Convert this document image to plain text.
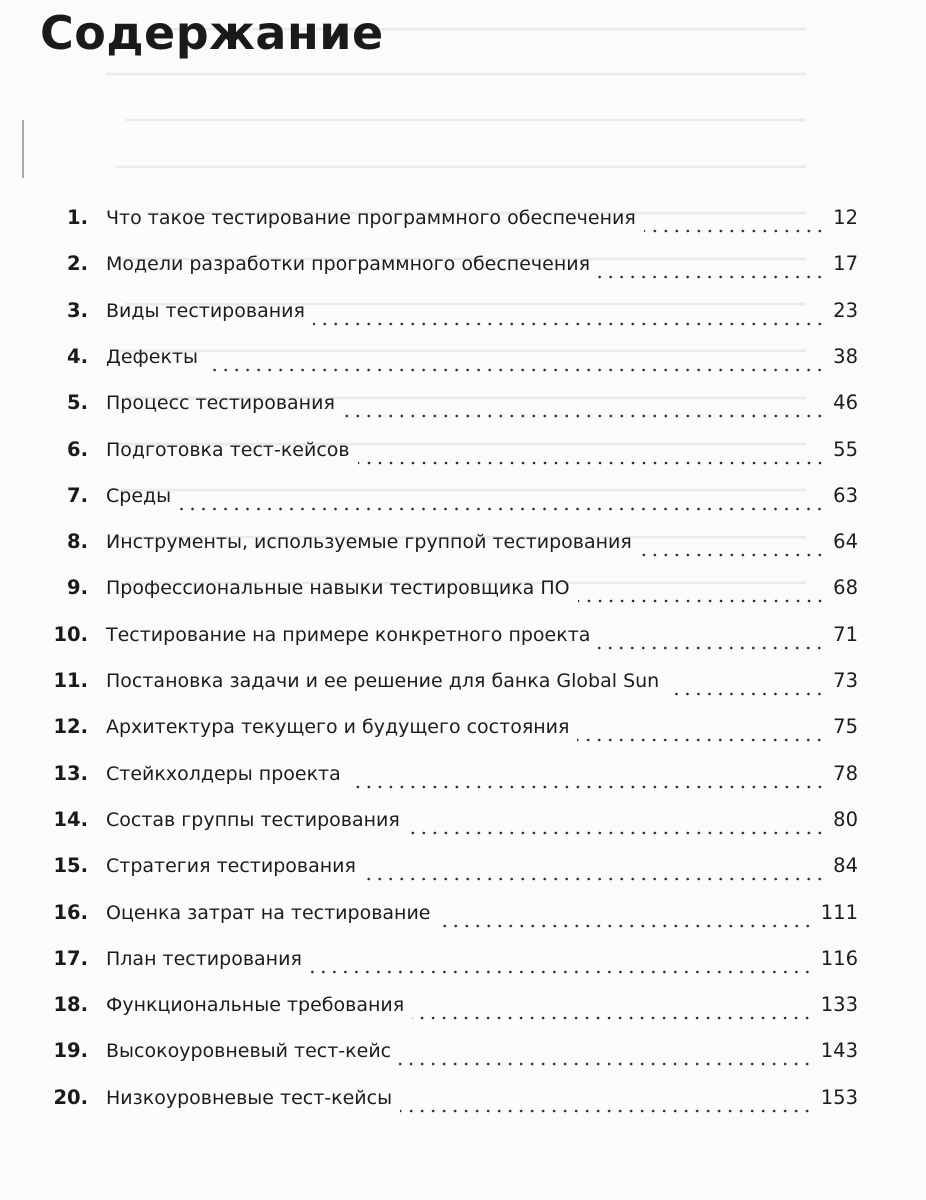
Содержание
1. Что такое тестирование программного обеспечения	12
2. Модели разработки программного обеспечения	17
3. Виды тестирования	23
4. Дефекты	38
5. Процесс тестирования	46
6. Подготовка тест-кейсов	55
7. Среды	63
8. Инструменты, используемые группой тестирования	64
9. Профессиональные навыки тестировщика ПО	68
10. Тестирование на примере конкретного проекта	71
11. Постановка задачи и ее решение для банка Global Sun	73
12. Архитектура текущего и будущего состояния	75
13. Стейкхолдеры проекта	78
14. Состав группы тестирования	80
15. Стратегия тестирования	84
16. Оценка затрат на тестирование	111
17. План тестирования	116
18. Функциональные требования	133
19. Высокоуровневый тест-кейс	143
20. Низкоуровневые тест-кейсы	153
